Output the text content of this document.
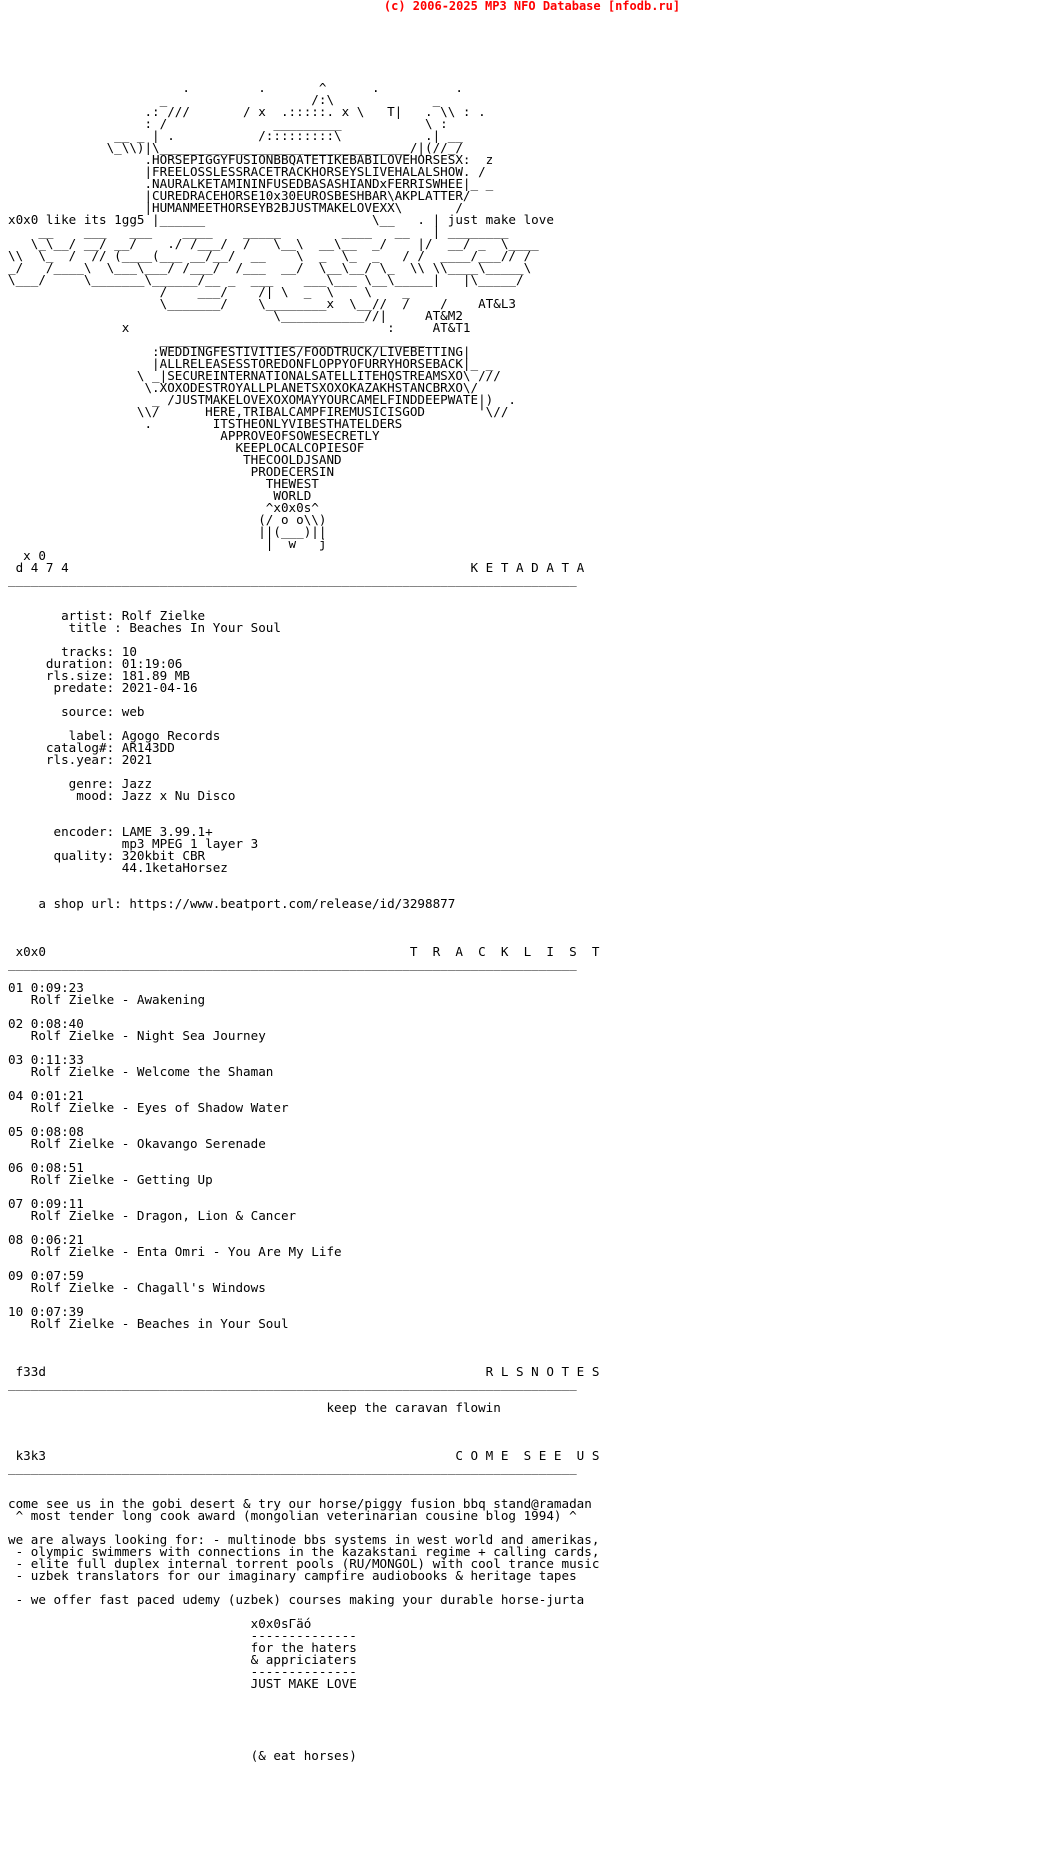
(c) 2006-2025 MP3 NFO Database [nfodb.ru]
.         .       ^      .          .
_                   /:\             _
.: ///       / x  .:::::. x \   T|   . \\ : .
: /              _________           \ :
__ _ | .           /:::::::::\           .| __
\_\\)|\_________________________________/|(//_/
.HORSEPIGGYFUSIONBBQATETIKEBABILOVEHORSESX:  z
|FREELOSSLESSRACETRACKHORSEYSLIVEHALALSHOW. /
.NAURALKETAMININFUSEDBASASHIANDxFERRISWHEE|_ _
|CUREDRACEHORSE10x30EUROSBESHBAR\AKPLATTER/
|HUMANMEETHORSEYB2BJUSTMAKELOVEXX\       /
x0x0 like its 1gg5 |______                      \__   . | just make love
__    ___   ___    ____    _____        ____   __   | ________
\_\__/ __/ __/    ./ /___/  /   \__\  __\__  _/    |/  __/ _  \____
\\  \_  /  // (____(___ __/__/  __    \  _  \_  _   / /  ____/___// /
_/   /____\  \___\___/ /___/  /___  __/  \__\__/ \_  \\ \\____\_____\
\___/     \_______\______/__ _  ___    ___\___ \__\_____|   |\_____/
/    ___/    /| \  _  \    \    _
\_______/    \________x  \__//  /    /    AT&L3
\___________//|     AT&M2
x                                  :     AT&T1
___________________________________
:WEDDINGFESTIVITIES/FOODTRUCK/LIVEBETTING|
|ALLRELEASESSTOREDONFLOPPYOFURRYHORSEBACK|_ _
\ _|SECUREINTERNATIONALSATELLITEHQSTREAMSXO\ ///
\.XOXODESTROYALLPLANETSXOXOKAZAKHSTANCBRXO\/
_ /JUSTMAKELOVEXOXOMAYYOURCAMELFINDDEEPWATE|)  .
\\/      HERE,TRIBALCAMPFIREMUSICISGOD       '\//
.        ITSTHEONLYVIBESTHATELDERS
APPROVEOFSOWESECRETLY
KEEPLOCALCOPIESOF
THECOOLDJSAND
PRODECERSIN
THEWEST
WORLD
^x0x0s^
(/ o o\\)
||(___)||
|  w   j
x 0
d 4 7 4                                                     K E T A D A T A
___________________________________________________________________________

artist: Rolf Zielke
title : Beaches In Your Soul

tracks: 10
duration: 01:19:06
rls.size: 181.89 MB
predate: 2021-04-16

source: web

label: Agogo Records
catalog#: AR143DD
rls.year: 2021

genre: Jazz
mood: Jazz x Nu Disco

encoder: LAME 3.99.1+
mp3 MPEG 1 layer 3
quality: 320kbit CBR
44.1ketaHorsez

a shop url: https://www.beatport.com/release/id/3298877

x0x0                                                T  R  A  C  K  L  I  S  T
___________________________________________________________________________

01 0:09:23
Rolf Zielke - Awakening

02 0:08:40
Rolf Zielke - Night Sea Journey

03 0:11:33
Rolf Zielke - Welcome the Shaman

04 0:01:21
Rolf Zielke - Eyes of Shadow Water

05 0:08:08
Rolf Zielke - Okavango Serenade

06 0:08:51
Rolf Zielke - Getting Up

07 0:09:11
Rolf Zielke - Dragon, Lion & Cancer

08 0:06:21
Rolf Zielke - Enta Omri - You Are My Life

09 0:07:59
Rolf Zielke - Chagall's Windows

10 0:07:39
Rolf Zielke - Beaches in Your Soul

f33d                                                          R L S N O T E S
___________________________________________________________________________

keep the caravan flowin

k3k3                                                      C O M E  S E E  U S
___________________________________________________________________________

come see us in the gobi desert & try our horse/piggy fusion bbq stand@ramadan
^ most tender long cook award (mongolian veterinarian cousine blog 1994) ^

we are always looking for: - multinode bbs systems in west world and amerikas,
- olympic swimmers with connections in the kazakstani regime + calling cards,
- elite full duplex internal torrent pools (RU/MONGOL) with cool trance music
- uzbek translators for our imaginary campfire audiobooks & heritage tapes

- we offer fast paced udemy (uzbek) courses making your durable horse-jurta

x0x0sГäó
--------------
for the haters
& appriciaters
--------------
JUST MAKE LOVE

(& eat horses)
